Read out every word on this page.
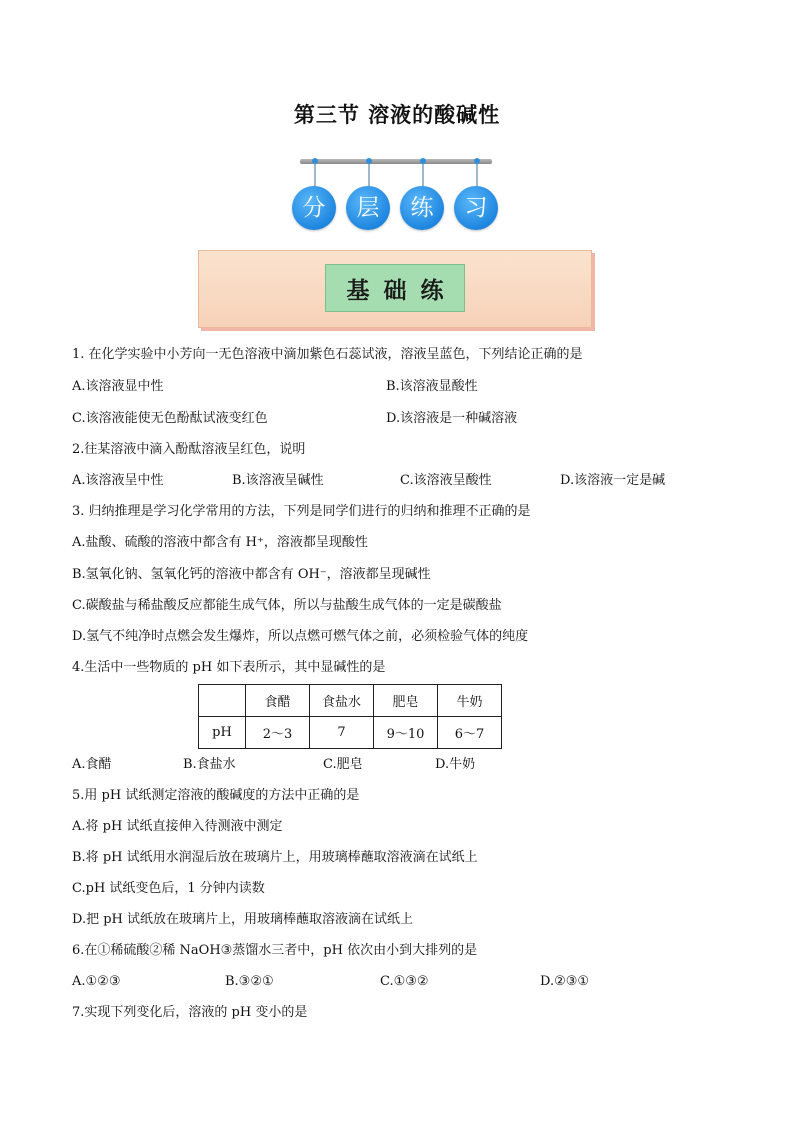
第三节 溶液的酸碱性
分	层	练	习
基础练
1. 在化学实验中小芳向一无色溶液中滴加紫色石蕊试液，溶液呈蓝色，下列结论正确的是
A.该溶液显中性	B.该溶液显酸性
C.该溶液能使无色酚酞试液变红色	D.该溶液是一种碱溶液
2.往某溶液中滴入酚酞溶液呈红色，说明
A.该溶液呈中性	B.该溶液呈碱性	C.该溶液呈酸性	D.该溶液一定是碱
3. 归纳推理是学习化学常用的方法，下列是同学们进行的归纳和推理不正确的是
A.盐酸、硫酸的溶液中都含有 H⁺，溶液都呈现酸性
B.氢氧化钠、氢氧化钙的溶液中都含有 OH⁻，溶液都呈现碱性
C.碳酸盐与稀盐酸反应都能生成气体，所以与盐酸生成气体的一定是碳酸盐
D.氢气不纯净时点燃会发生爆炸，所以点燃可燃气体之前，必须检验气体的纯度
4.生活中一些物质的 pH 如下表所示，其中显碱性的是
	食醋	食盐水	肥皂	牛奶
pH	2～3	7	9～10	6～7
A.食醋	B.食盐水	C.肥皂	D.牛奶
5.用 pH 试纸测定溶液的酸碱度的方法中正确的是
A.将 pH 试纸直接伸入待测液中测定
B.将 pH 试纸用水润湿后放在玻璃片上，用玻璃棒蘸取溶液滴在试纸上
C.pH 试纸变色后，1 分钟内读数
D.把 pH 试纸放在玻璃片上，用玻璃棒蘸取溶液滴在试纸上
6.在①稀硫酸②稀 NaOH③蒸馏水三者中，pH 依次由小到大排列的是
A.①②③	B.③②①	C.①③②	D.②③①
7.实现下列变化后，溶液的 pH 变小的是
